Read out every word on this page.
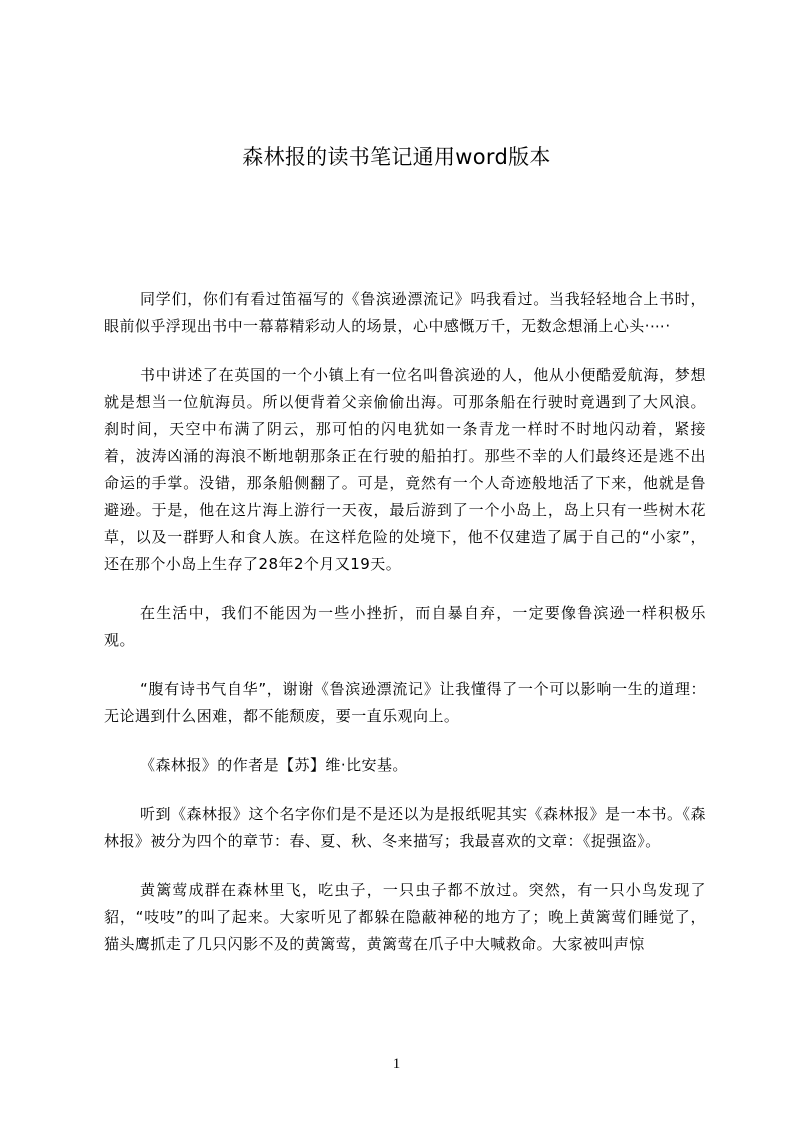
森林报的读书笔记通用word版本

同学们，你们有看过笛福写的《鲁滨逊漂流记》吗我看过。当我轻轻地合上书时，眼前似乎浮现出书中一幕幕精彩动人的场景，心中感慨万千，无数念想涌上心头·⋯·

书中讲述了在英国的一个小镇上有一位名叫鲁滨逊的人，他从小便酷爱航海，梦想就是想当一位航海员。所以便背着父亲偷偷出海。可那条船在行驶时竟遇到了大风浪。刹时间，天空中布满了阴云，那可怕的闪电犹如一条青龙一样时不时地闪动着，紧接着，波涛凶涌的海浪不断地朝那条正在行驶的船拍打。那些不幸的人们最终还是逃不出命运的手掌。没错，那条船侧翻了。可是，竟然有一个人奇迹般地活了下来，他就是鲁避逊。于是，他在这片海上游行一天夜，最后游到了一个小岛上，岛上只有一些树木花草，以及一群野人和食人族。在这样危险的处境下，他不仅建造了属于自己的“小家”，还在那个小岛上生存了28年2个月又19天。

在生活中，我们不能因为一些小挫折，而自暴自弃，一定要像鲁滨逊一样积极乐观。

“腹有诗书气自华”，谢谢《鲁滨逊漂流记》让我懂得了一个可以影响一生的道理：无论遇到什么困难，都不能颓废，要一直乐观向上。

《森林报》的作者是【苏】维·比安基。

听到《森林报》这个名字你们是不是还以为是报纸呢其实《森林报》是一本书。《森林报》被分为四个的章节：春、夏、秋、冬来描写；我最喜欢的文章：《捉强盗》。

黄篱莺成群在森林里飞，吃虫子，一只虫子都不放过。突然，有一只小鸟发现了貂，“吱吱”的叫了起来。大家听见了都躲在隐蔽神秘的地方了；晚上黄篱莺们睡觉了，猫头鹰抓走了几只闪影不及的黄篱莺，黄篱莺在爪子中大喊救命。大家被叫声惊

1
